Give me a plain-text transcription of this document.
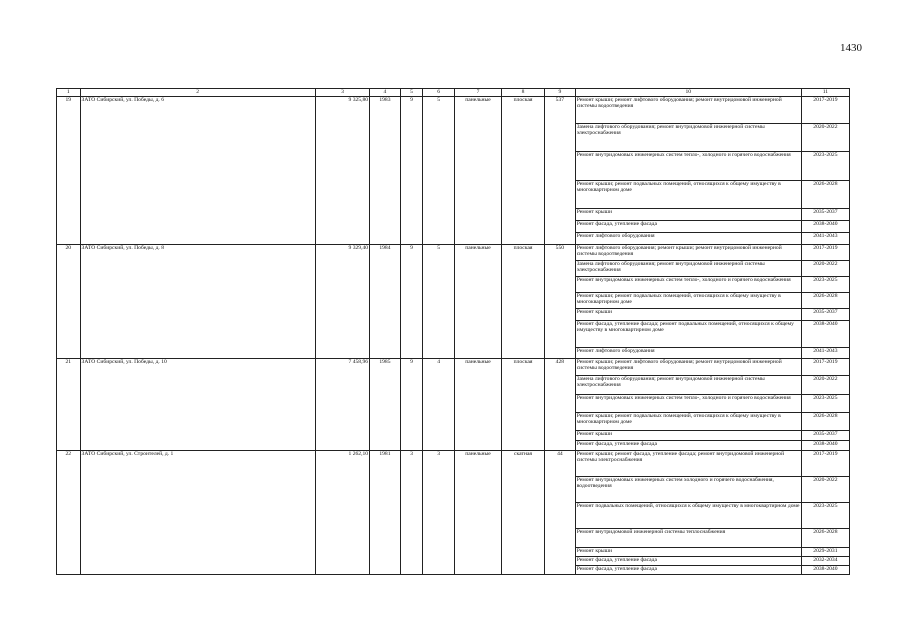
1430
1	2	3	4	5	6	7	8	9	10	11
19	ЗАТО Сибирский, ул. Победы, д. 6	9 325,80	1983	9	5	панельные	плоская	537	Ремонт крыши; ремонт лифтового оборудования; ремонт внутридомовой инженерной системы водоотведения	2017-2019
									Замена лифтового оборудования; ремонт внутридомовой инженерной системы электроснабжения	2020-2022
									Ремонт внутридомовых инженерных систем тепло-, холодного и горячего водоснабжения	2023-2025
									Ремонт крыши; ремонт подвальных помещений, относящихся к общему имуществу в многоквартирном доме	2026-2028
									Ремонт крыши	2035-2037
									Ремонт фасада, утепление фасада	2038-2040
									Ремонт лифтового оборудования	2041-2043
20	ЗАТО Сибирский, ул. Победы, д. 8	9 329,40	1984	9	5	панельные	плоская	550	Ремонт лифтового оборудования; ремонт крыши; ремонт внутридомовой инженерной системы водоотведения	2017-2019
									Замена лифтового оборудования; ремонт внутридомовой инженерной системы электроснабжения	2020-2022
									Ремонт внутридомовых инженерных систем тепло-, холодного и горячего водоснабжения	2023-2025
									Ремонт крыши; ремонт подвальных помещений, относящихся к общему имуществу в многоквартирном доме	2026-2028
									Ремонт крыши	2035-2037
									Ремонт фасада, утепление фасада; ремонт подвальных помещений, относящихся к общему имуществу в многоквартирном доме	2038-2040
									Ремонт лифтового оборудования	2041-2043
21	ЗАТО Сибирский, ул. Победы, д. 10	7 458,96	1985	9	4	панельные	плоская	428	Ремонт крыши; ремонт лифтового оборудования; ремонт внутридомовой инженерной системы водоотведения	2017-2019
									Замена лифтового оборудования; ремонт внутридомовой инженерной системы электроснабжения	2020-2022
									Ремонт внутридомовых инженерных систем тепло-, холодного и горячего водоснабжения	2023-2025
									Ремонт крыши; ремонт подвальных помещений, относящихся к общему имуществу в многоквартирном доме	2026-2028
									Ремонт крыши	2035-2037
									Ремонт фасада, утепление фасада	2038-2040
22	ЗАТО Сибирский, ул. Строителей, д. 1	1 262,10	1981	3	3	панельные	скатная	44	Ремонт крыши; ремонт фасада, утепление фасада; ремонт внутридомовой инженерной системы электроснабжения	2017-2019
									Ремонт внутридомовых инженерных систем холодного и горячего водоснабжения, водоотведения	2020-2022
									Ремонт подвальных помещений, относящихся к общему имуществу в многоквартирном доме	2023-2025
									Ремонт внутридомовой инженерной системы теплоснабжения	2026-2028
									Ремонт крыши	2029-2031
									Ремонт фасада, утепление фасада	2032-2034
									Ремонт фасада, утепление фасада	2038-2040
